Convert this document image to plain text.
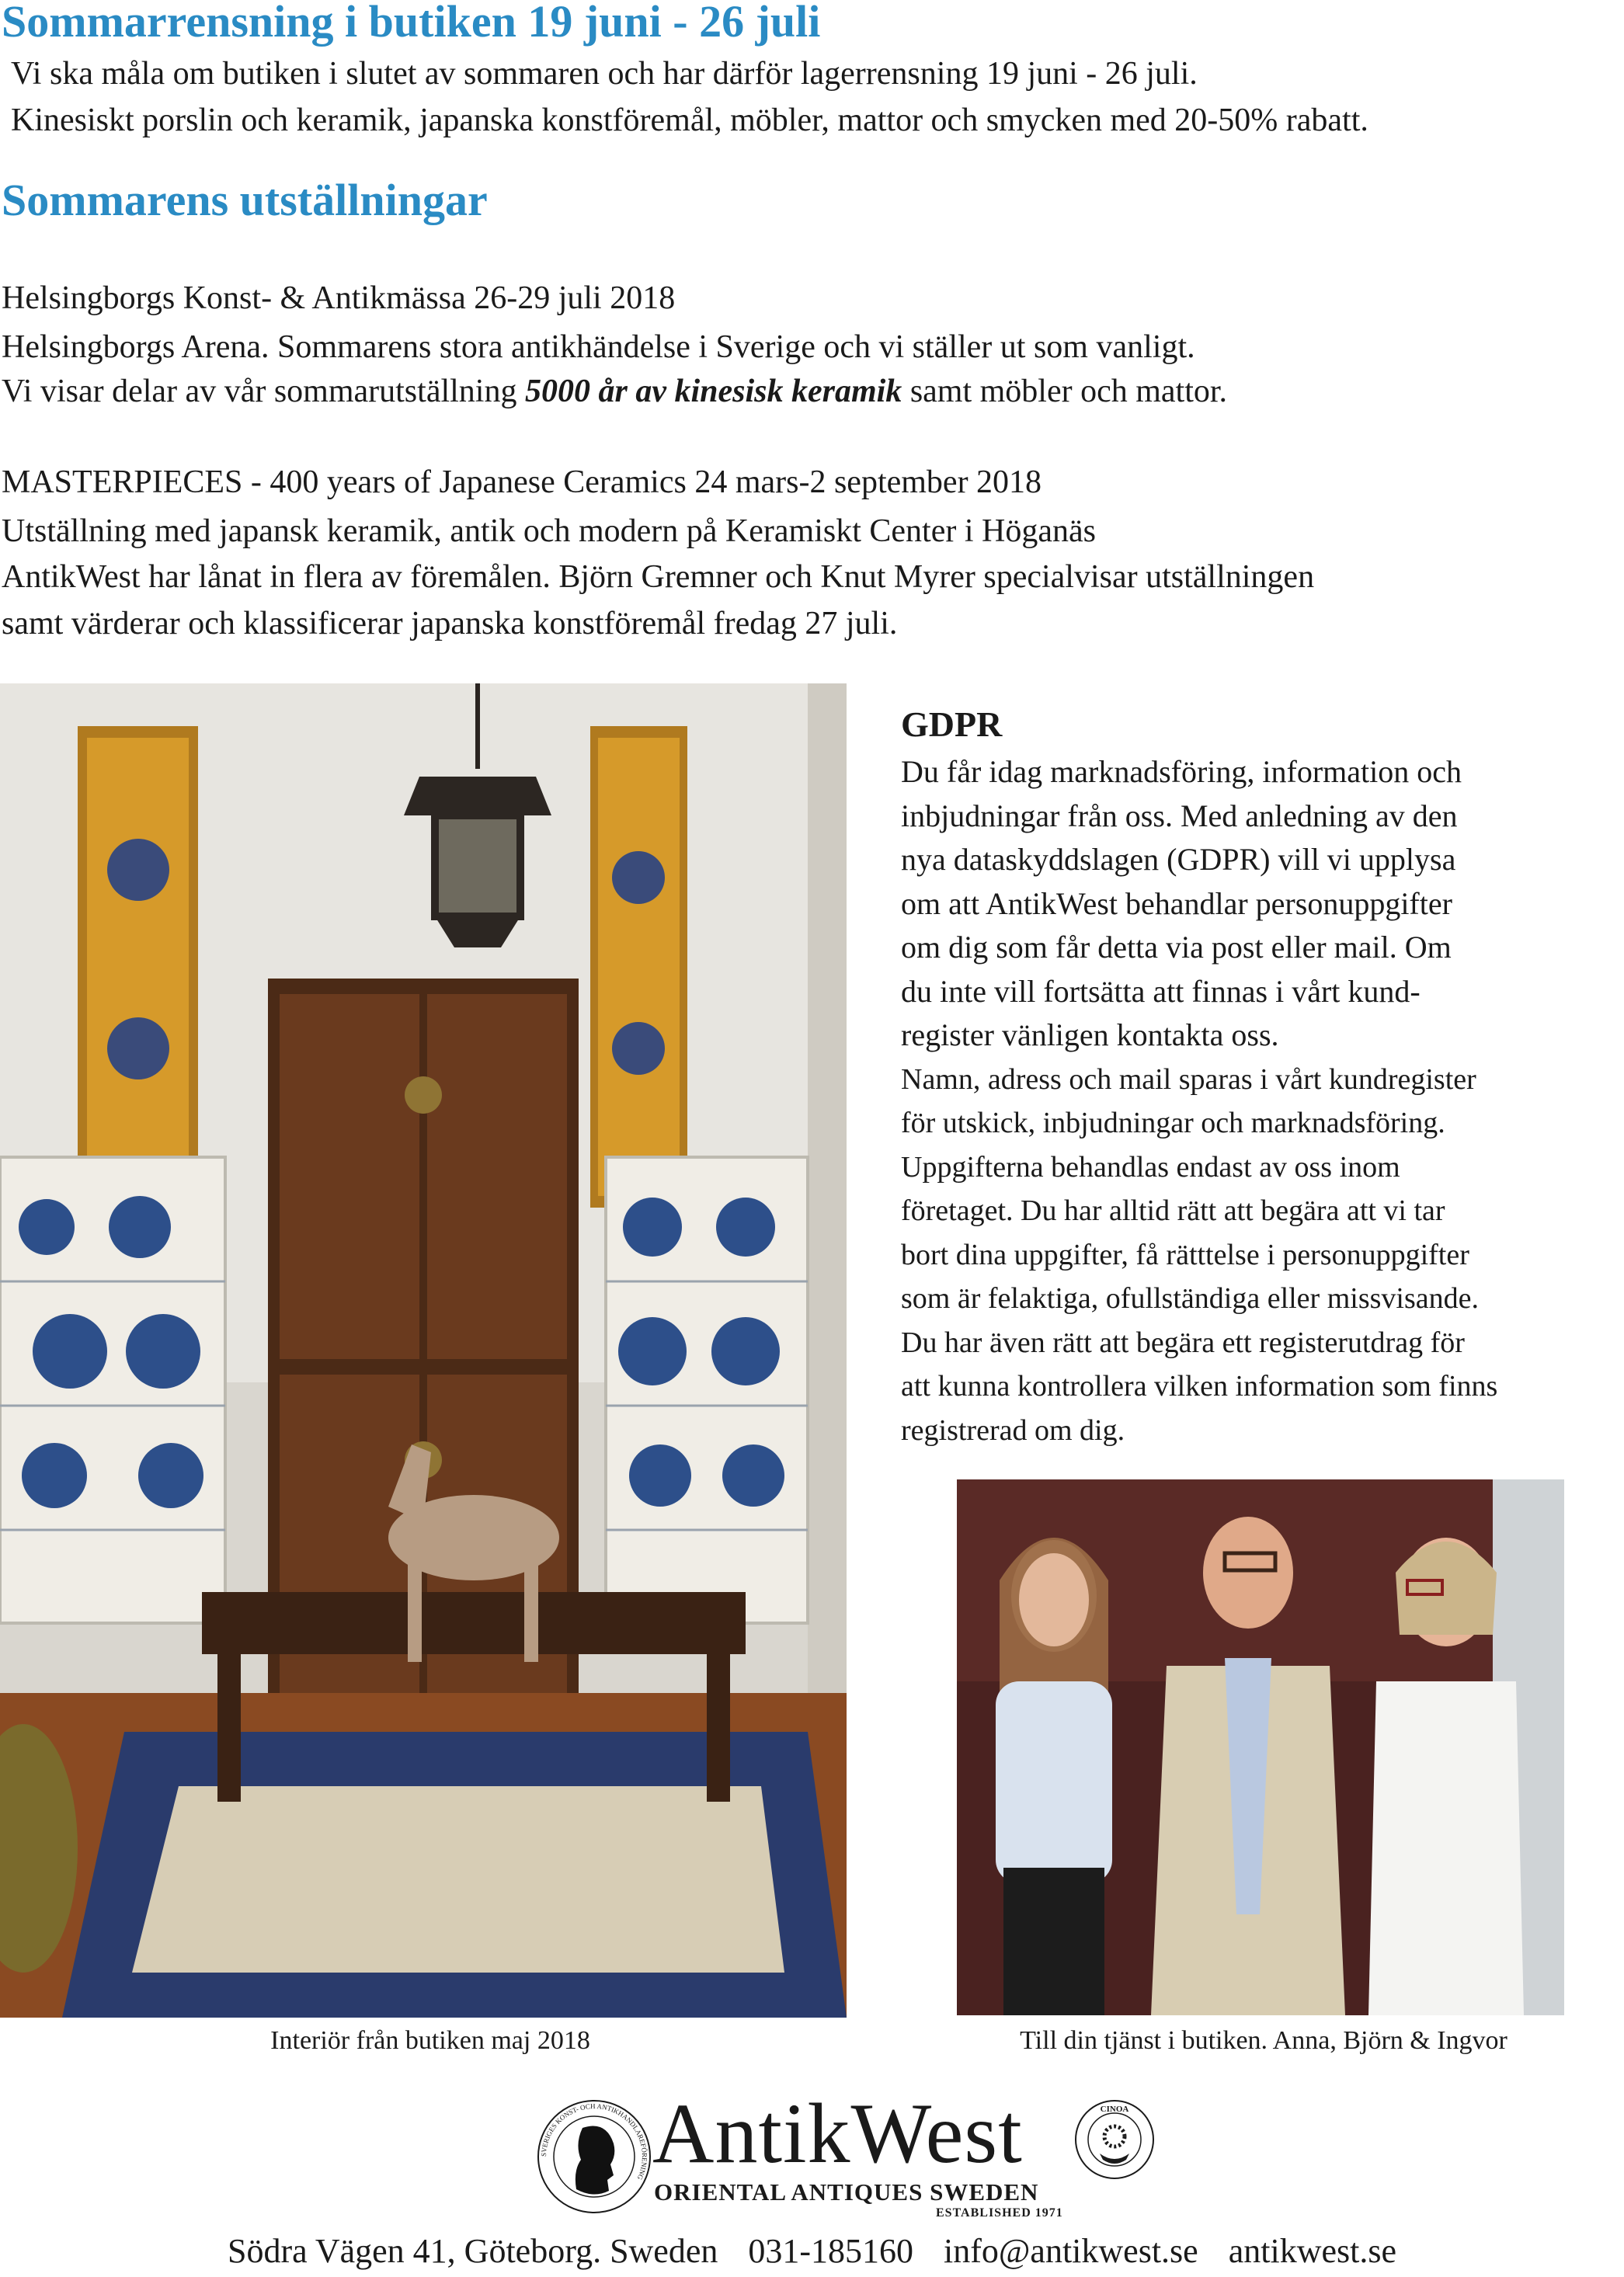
Sommarrensning i butiken 19 juni - 26 juli
Vi ska måla om butiken i slutet av sommaren och har därför lagerrensning 19 juni - 26 juli.
Kinesiskt porslin och keramik, japanska konstföremål, möbler, mattor och smycken med 20-50% rabatt.
Sommarens utställningar
Helsingborgs Konst- & Antikmässa 26-29 juli 2018
Helsingborgs Arena. Sommarens stora antikhändelse i Sverige och vi ställer ut som vanligt.
Vi visar delar av vår sommarutställning 5000 år av kinesisk keramik samt möbler och mattor.
MASTERPIECES - 400 years of Japanese Ceramics 24 mars-2 september 2018
Utställning med japansk keramik, antik och modern på Keramiskt Center i Höganäs
AntikWest har lånat in flera av föremålen. Björn Gremner och Knut Myrer specialvisar utställningen
samt värderar och klassificerar japanska konstföremål fredag 27 juli.
GDPR
Du får idag marknadsföring, information och
inbjudningar från oss. Med anledning av den
nya dataskyddslagen (GDPR) vill vi upplysa
om att AntikWest behandlar personuppgifter
om dig som får detta via post eller mail. Om
du inte vill fortsätta att finnas i vårt kund-
register vänligen kontakta oss.
Namn, adress och mail sparas i vårt kundregister
för utskick, inbjudningar och marknadsföring.
Uppgifterna behandlas endast av oss inom
företaget. Du har alltid rätt att begära att vi tar
bort dina uppgifter, få rätttelse i personuppgifter
som är felaktiga, ofullständiga eller missvisande.
Du har även rätt att begära ett registerutdrag för
att kunna kontrollera vilken information som finns
registrerad om dig.
Interiör från butiken maj 2018	Till din tjänst i butiken. Anna, Björn & Ingvor
SVERIGES KONST- OCH ANTIKHANDLAREFÖRENING AntikWest
ORIENTAL ANTIQUES SWEDEN
ESTABLISHED 1971
CINOA
Södra Vägen 41, Göteborg. Sweden 031-185160 info@antikwest.se antikwest.se
